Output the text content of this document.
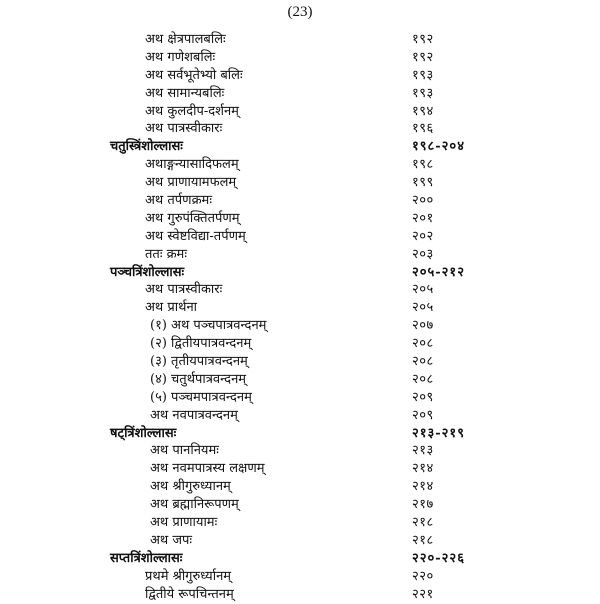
(23)
अथ क्षेत्रपालबलिः	१९२
अथ गणेशबलिः	१९२
अथ सर्वभूतेभ्यो बलिः	१९३
अथ सामान्यबलिः	१९३
अथ कुलदीप-दर्शनम्	१९४
अथ पात्रस्वीकारः	१९६
चतुस्त्रिंशोल्लासः	१९८-२०४
अथाङ्गन्यासादिफलम्	१९८
अथ प्राणायामफलम्	१९९
अथ तर्पणक्रमः	२००
अथ गुरुपंक्तितर्पणम्	२०१
अथ स्वेष्टविद्या-तर्पणम्	२०२
ततः क्रमः	२०३
पञ्चत्रिंशोल्लासः	२०५-२१२
अथ पात्रस्वीकारः	२०५
अथ प्रार्थना	२०५
(१) अथ पञ्चपात्रवन्दनम्	२०७
(२) द्वितीयपात्रवन्दनम्	२०८
(३) तृतीयपात्रवन्दनम्	२०८
(४) चतुर्थपात्रवन्दनम्	२०८
(५) पञ्चमपात्रवन्दनम्	२०९
अथ नवपात्रवन्दनम्	२०९
षट्त्रिंशोल्लासः	२१३-२१९
अथ पाननियमः	२१३
अथ नवमपात्रस्य लक्षणम्	२१४
अथ श्रीगुरुध्यानम्	२१४
अथ ब्रह्मानिरूपणम्	२१७
अथ प्राणायामः	२१८
अथ जपः	२१८
सप्तत्रिंशोल्लासः	२२०-२२६
प्रथमे श्रीगुरुर्ध्यानम्	२२०
द्वितीये रूपचिन्तनम्	२२१
